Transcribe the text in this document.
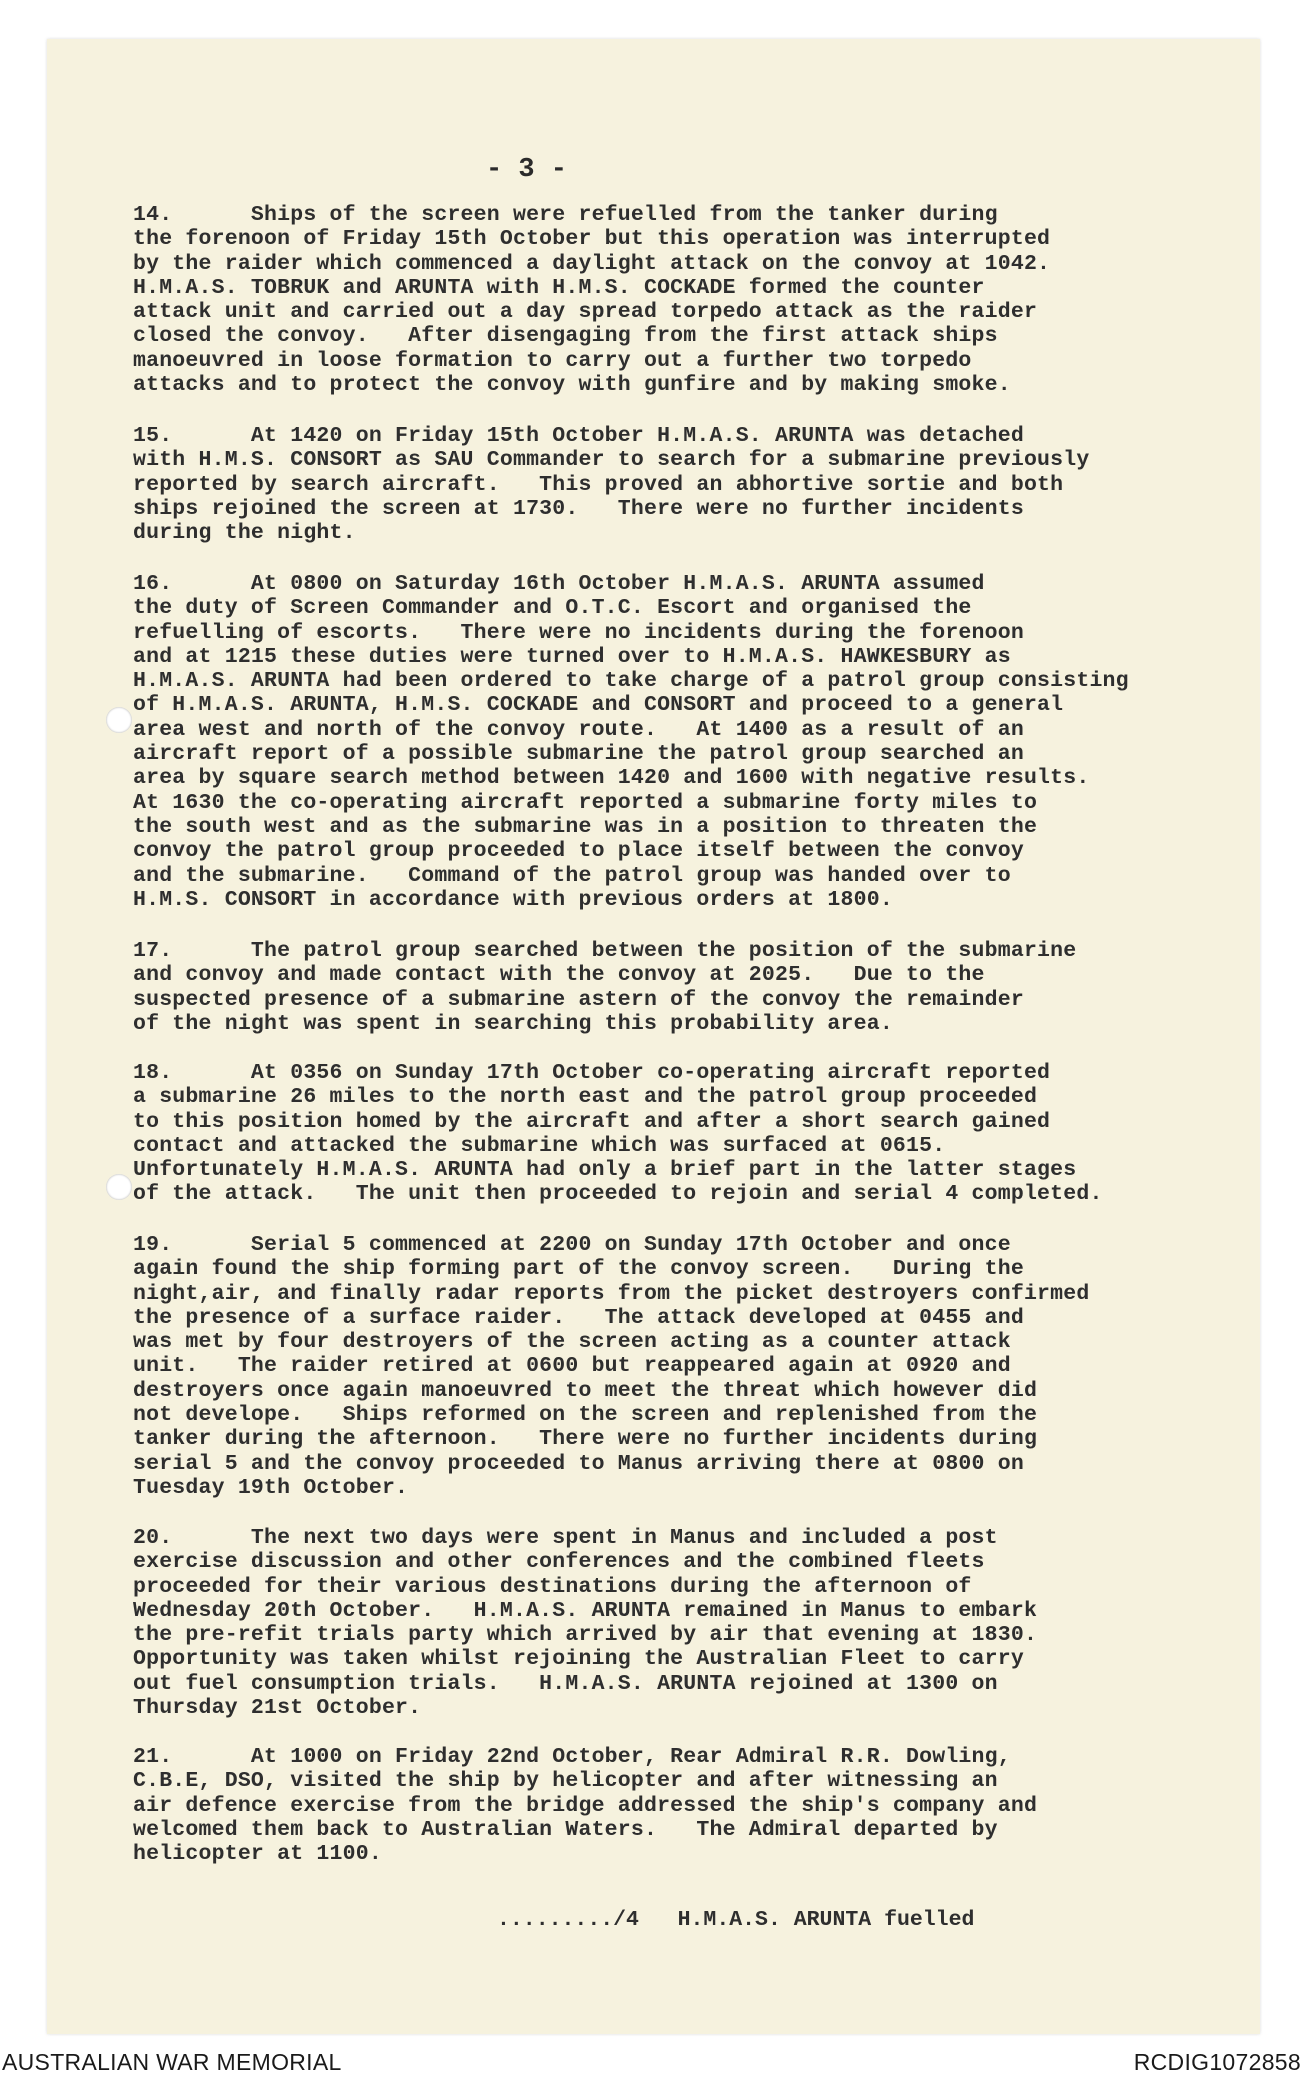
- 3 -
14.      Ships of the screen were refuelled from the tanker during
the forenoon of Friday 15th October but this operation was interrupted
by the raider which commenced a daylight attack on the convoy at 1042.
H.M.A.S. TOBRUK and ARUNTA with H.M.S. COCKADE formed the counter
attack unit and carried out a day spread torpedo attack as the raider
closed the convoy.   After disengaging from the first attack ships
manoeuvred in loose formation to carry out a further two torpedo
attacks and to protect the convoy with gunfire and by making smoke.
15.      At 1420 on Friday 15th October H.M.A.S. ARUNTA was detached
with H.M.S. CONSORT as SAU Commander to search for a submarine previously
reported by search aircraft.   This proved an abhortive sortie and both
ships rejoined the screen at 1730.   There were no further incidents
during the night.
16.      At 0800 on Saturday 16th October H.M.A.S. ARUNTA assumed
the duty of Screen Commander and O.T.C. Escort and organised the
refuelling of escorts.   There were no incidents during the forenoon
and at 1215 these duties were turned over to H.M.A.S. HAWKESBURY as
H.M.A.S. ARUNTA had been ordered to take charge of a patrol group consisting
of H.M.A.S. ARUNTA, H.M.S. COCKADE and CONSORT and proceed to a general
area west and north of the convoy route.   At 1400 as a result of an
aircraft report of a possible submarine the patrol group searched an
area by square search method between 1420 and 1600 with negative results.
At 1630 the co-operating aircraft reported a submarine forty miles to
the south west and as the submarine was in a position to threaten the
convoy the patrol group proceeded to place itself between the convoy
and the submarine.   Command of the patrol group was handed over to
H.M.S. CONSORT in accordance with previous orders at 1800.
17.      The patrol group searched between the position of the submarine
and convoy and made contact with the convoy at 2025.   Due to the
suspected presence of a submarine astern of the convoy the remainder
of the night was spent in searching this probability area.
18.      At 0356 on Sunday 17th October co-operating aircraft reported
a submarine 26 miles to the north east and the patrol group proceeded
to this position homed by the aircraft and after a short search gained
contact and attacked the submarine which was surfaced at 0615.
Unfortunately H.M.A.S. ARUNTA had only a brief part in the latter stages
of the attack.   The unit then proceeded to rejoin and serial 4 completed.
19.      Serial 5 commenced at 2200 on Sunday 17th October and once
again found the ship forming part of the convoy screen.   During the
night,air, and finally radar reports from the picket destroyers confirmed
the presence of a surface raider.   The attack developed at 0455 and
was met by four destroyers of the screen acting as a counter attack
unit.   The raider retired at 0600 but reappeared again at 0920 and
destroyers once again manoeuvred to meet the threat which however did
not develope.   Ships reformed on the screen and replenished from the
tanker during the afternoon.   There were no further incidents during
serial 5 and the convoy proceeded to Manus arriving there at 0800 on
Tuesday 19th October.
20.      The next two days were spent in Manus and included a post
exercise discussion and other conferences and the combined fleets
proceeded for their various destinations during the afternoon of
Wednesday 20th October.   H.M.A.S. ARUNTA remained in Manus to embark
the pre-refit trials party which arrived by air that evening at 1830.
Opportunity was taken whilst rejoining the Australian Fleet to carry
out fuel consumption trials.   H.M.A.S. ARUNTA rejoined at 1300 on
Thursday 21st October.
21.      At 1000 on Friday 22nd October, Rear Admiral R.R. Dowling,
C.B.E, DSO, visited the ship by helicopter and after witnessing an
air defence exercise from the bridge addressed the ship's company and
welcomed them back to Australian Waters.   The Admiral departed by
helicopter at 1100.
........./4   H.M.A.S. ARUNTA fuelled
AUSTRALIAN WAR MEMORIAL	RCDIG1072858
